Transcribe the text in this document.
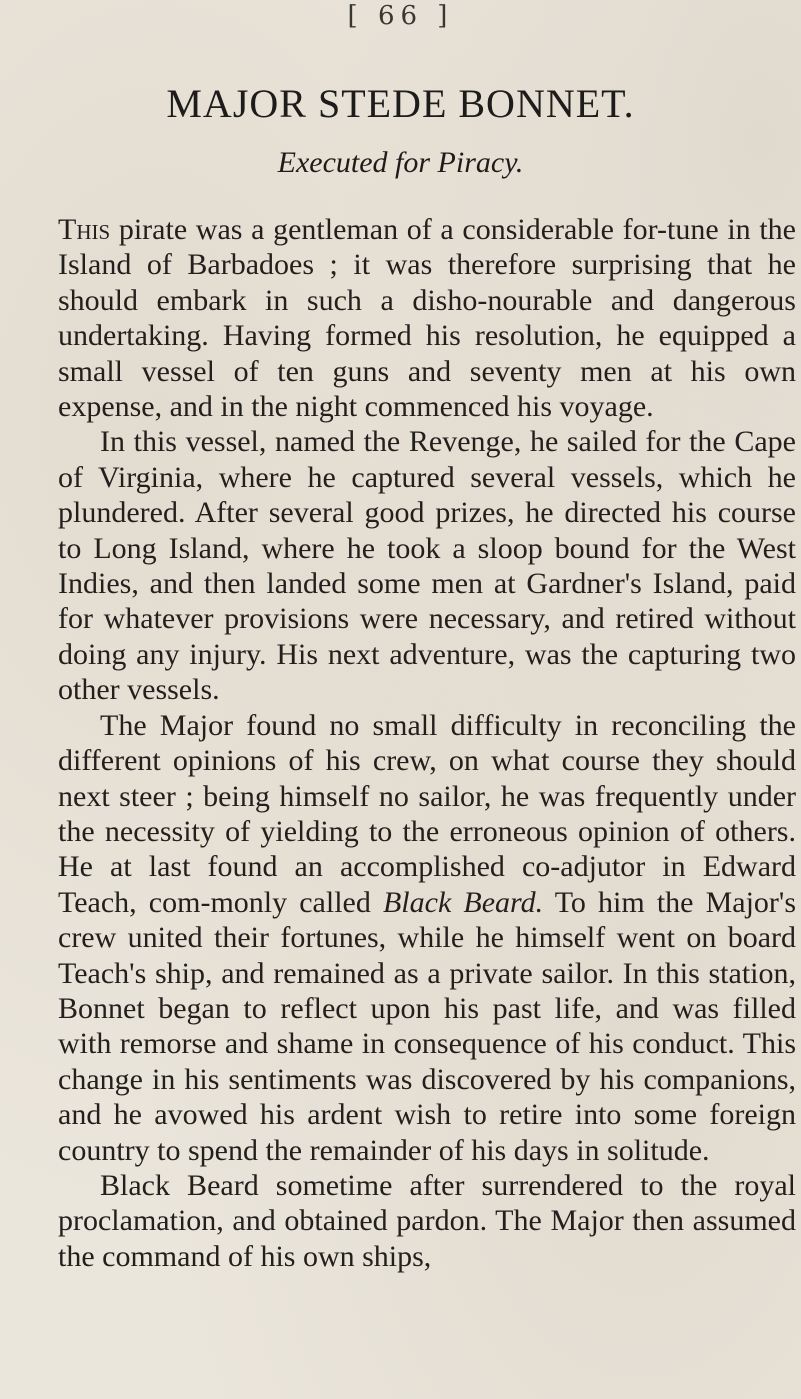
[ 66 ]
MAJOR STEDE BONNET.
Executed for Piracy.

This pirate was a gentleman of a considerable for-tune in the Island of Barbadoes ; it was therefore surprising that he should embark in such a disho-nourable and dangerous undertaking. Having formed his resolution, he equipped a small vessel of ten guns and seventy men at his own expense, and in the night commenced his voyage.

In this vessel, named the Revenge, he sailed for the Cape of Virginia, where he captured several vessels, which he plundered. After several good prizes, he directed his course to Long Island, where he took a sloop bound for the West Indies, and then landed some men at Gardner's Island, paid for whatever provisions were necessary, and retired without doing any injury. His next adventure, was the capturing two other vessels.

The Major found no small difficulty in reconciling the different opinions of his crew, on what course they should next steer ; being himself no sailor, he was frequently under the necessity of yielding to the erroneous opinion of others. He at last found an accomplished co-adjutor in Edward Teach, com-monly called Black Beard. To him the Major's crew united their fortunes, while he himself went on board Teach's ship, and remained as a private sailor. In this station, Bonnet began to reflect upon his past life, and was filled with remorse and shame in consequence of his conduct. This change in his sentiments was discovered by his companions, and he avowed his ardent wish to retire into some foreign country to spend the remainder of his days in solitude.

Black Beard sometime after surrendered to the royal proclamation, and obtained pardon. The Major then assumed the command of his own ships,
